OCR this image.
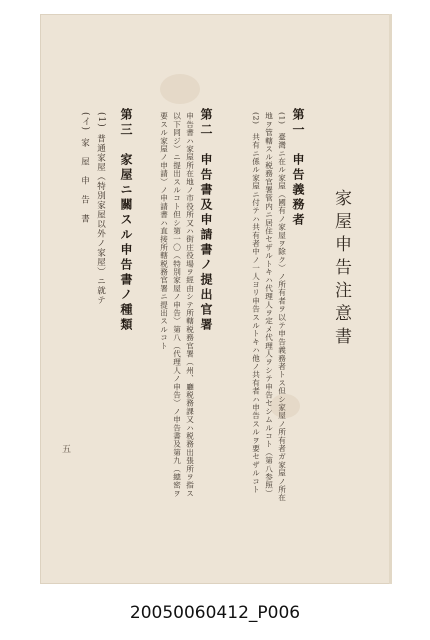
家屋申告注意書
第一　申告義務者
(1)　臺灣ニ在ル家屋（國有ノ家屋ヲ除ク）ノ所有者ヲ以テ申告義務者トス但シ家屋ノ所有者ガ家屋ノ所在
地ヲ管轄スル税務官署管内ニ居住セザルトキハ代理人ヲ定メ代理人ヲシテ申告セシムルコト（第八参照）
(2)　共有ニ係ル家屋ニ付テハ共有者中ノ一人ヨリ申告スルトキハ他ノ共有者ハ申告スルヲ要セザルコト
第二　申告書及申請書ノ提出官署
申告書ハ家屋所在地ノ市役所又ハ街庄役場ヲ經由シテ所轄税務官署（州、廳税務課又ハ税務出張所ヲ指ス
以下同ジ）ニ提出スルコト但シ第一〇（特別家屋ノ申告）第八（代理人ノ申告）ノ申告書及第九（總密ヲ
要スル家屋ノ申請）ノ申請書ハ直接所轄税務官署ニ提出スルコト
第三　家屋ニ關スル申告書ノ種類
(1)
普通家屋（特別家屋以外ノ家屋）ニ就テ
(イ)
家　屋　申　告　書
五
20050060412_P006
